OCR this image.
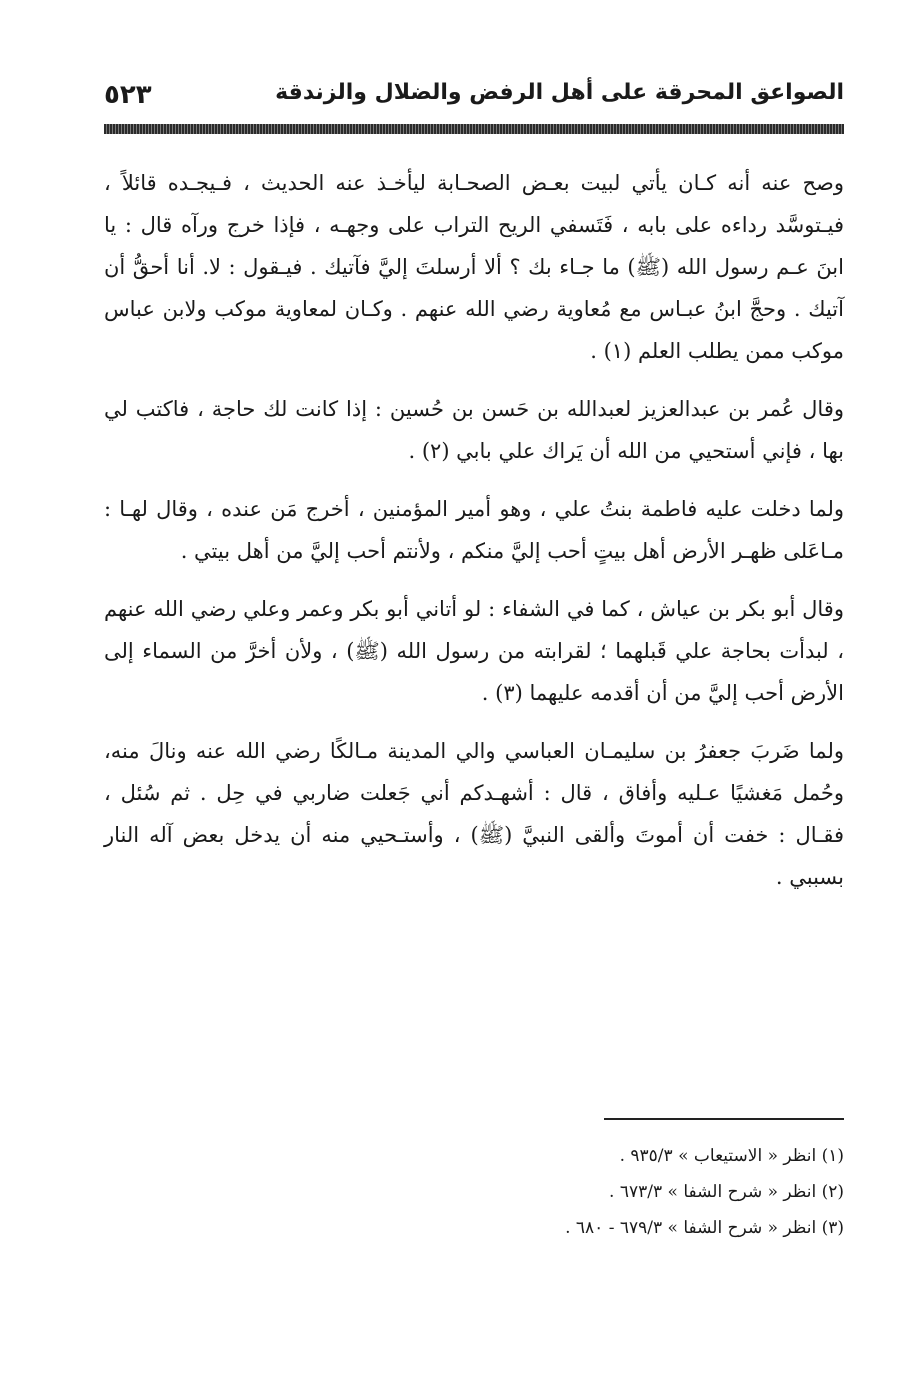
الصواعق المحرقة على أهل الرفض والضلال والزندقة
٥٢٣

وصح عنه أنه كـان يأتي لبيت بعـض الصحـابة ليأخـذ عنه الحديث ، فـيجـده قائلاً ، فيـتوسَّد رداءه على بابه ، فَتَسفي الريح التراب على وجهـه ، فإذا خرج ورآه قال : يا ابنَ عـم رسول الله (ﷺ) ما جـاء بك ؟ ألا أرسلتَ إليَّ فآتيك . فيـقول : لا. أنا أحقُّ أن آتيك . وحجَّ ابنُ عبـاس مع مُعاوية رضي الله عنهم . وكـان لمعاوية موكب ولابن عباس موكب ممن يطلب العلم (١) .

وقال عُمر بن عبدالعزيز لعبدالله بن حَسن بن حُسين : إذا كانت لك حاجة ، فاكتب لي بها ، فإني أستحيي من الله أن يَراك علي بابي (٢) .

ولما دخلت عليه فاطمة بنتُ علي ، وهو أمير المؤمنين ، أخرج مَن عنده ، وقال لهـا : مـاعَلى ظهـر الأرض أهل بيتٍ أحب إليَّ منكم ، ولأنتم أحب إليَّ من أهل بيتي .

وقال أبو بكر بن عياش ، كما في الشفاء : لو أتاني أبو بكر وعمر وعلي رضي الله عنهم ، لبدأت بحاجة علي قَبلهما ؛ لقرابته من رسول الله (ﷺ) ، ولأن أخرَّ من السماء إلى الأرض أحب إليَّ من أن أقدمه عليهما (٣) .

ولما ضَربَ جعفرُ بن سليمـان العباسي والي المدينة مـالكًا رضي الله عنه ونالَ منه، وحُمل مَغشيًا عـليه وأفاق ، قال : أشهـدكم أني جَعلت ضاربي في حِل . ثم سُئل ، فقـال : خفت أن أموتَ وألقى النبيَّ (ﷺ) ، وأستـحيي منه أن يدخل بعض آله النار بسببي .

(١) انظر « الاستيعاب » ٩٣٥/٣ .
(٢) انظر « شرح الشفا » ٦٧٣/٣ .
(٣) انظر « شرح الشفا » ٦٧٩/٣ - ٦٨٠ .
